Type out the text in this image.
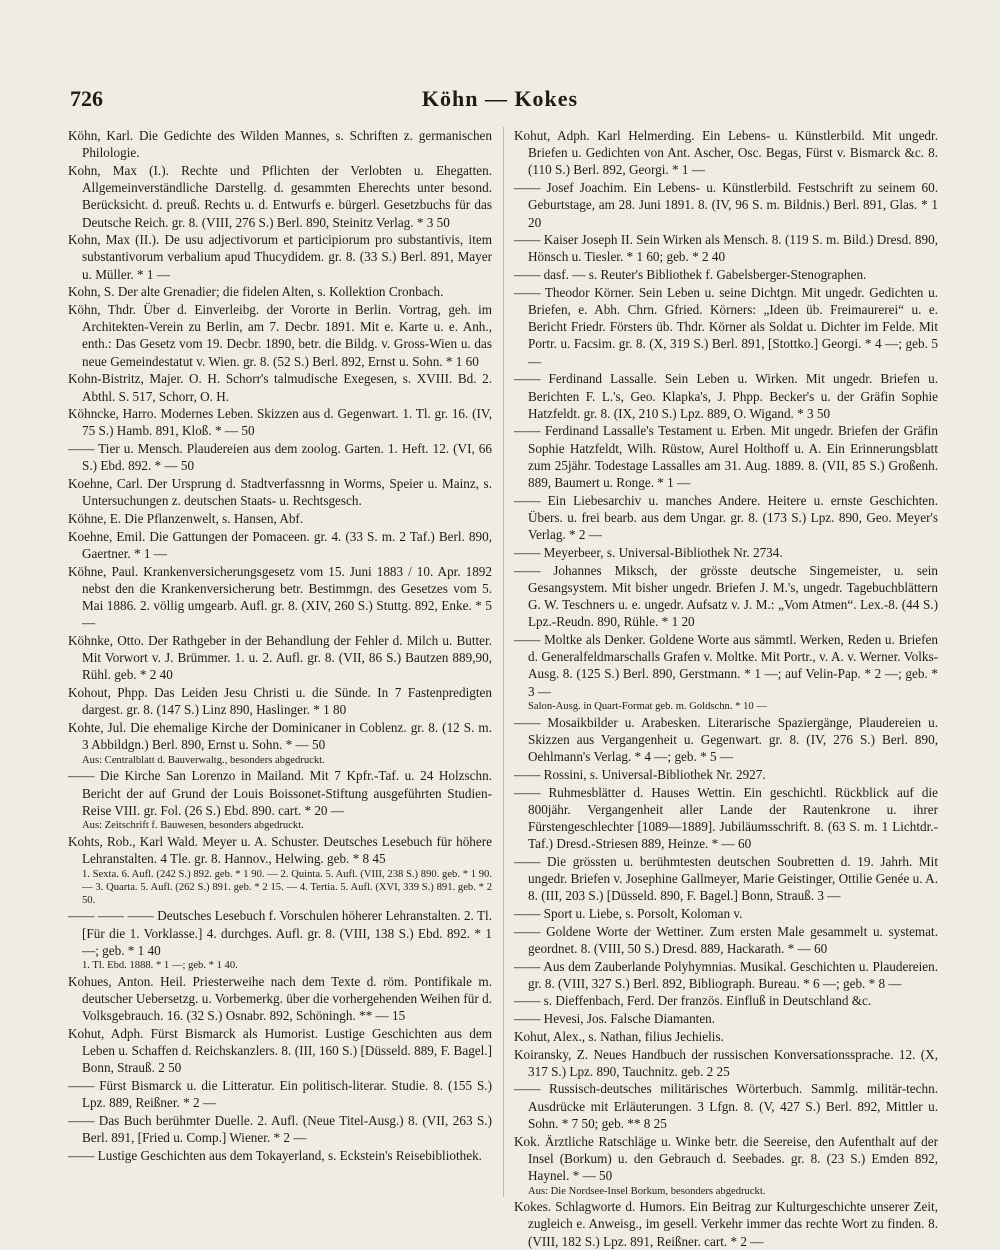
726	Köhn — Kokes
Köhn, Karl. Die Gedichte des Wilden Mannes, s. Schriften z. germanischen Philologie.
Kohn, Max (I.). Rechte und Pflichten der Verlobten u. Ehegatten. Allgemeinverständliche Darstellg. d. gesammten Eherechts unter besond. Berücksicht. d. preuß. Rechts u. d. Entwurfs e. bürgerl. Gesetzbuchs für das Deutsche Reich. gr. 8. (VIII, 276 S.) Berl. 890, Steinitz Verlag. * 3 50
Kohn, Max (II.). De usu adjectivorum et participiorum pro substantivis, item substantivorum verbalium apud Thucydidem. gr. 8. (33 S.) Berl. 891, Mayer u. Müller. * 1 —
Kohn, S. Der alte Grenadier; die fidelen Alten, s. Kollektion Cronbach.
Köhn, Thdr. Über d. Einverleibg. der Vororte in Berlin. Vortrag, geh. im Architekten-Verein zu Berlin, am 7. Decbr. 1891. Mit e. Karte u. e. Anh., enth.: Das Gesetz vom 19. Decbr. 1890, betr. die Bildg. v. Gross-Wien u. das neue Gemeindestatut v. Wien. gr. 8. (52 S.) Berl. 892, Ernst u. Sohn. * 1 60
Kohn-Bistritz, Majer. O. H. Schorr's talmudische Exegesen, s. XVIII. Bd. 2. Abthl. S. 517, Schorr, O. H.
Köhncke, Harro. Modernes Leben. Skizzen aus d. Gegenwart. 1. Tl. gr. 16. (IV, 75 S.) Hamb. 891, Kloß. * — 50
—— Tier u. Mensch. Plaudereien aus dem zoolog. Garten. 1. Heft. 12. (VI, 66 S.) Ebd. 892. * — 50
Koehne, Carl. Der Ursprung d. Stadtverfassnng in Worms, Speier u. Mainz, s. Untersuchungen z. deutschen Staats- u. Rechtsgesch.
Köhne, E. Die Pflanzenwelt, s. Hansen, Abf.
Koehne, Emil. Die Gattungen der Pomaceen. gr. 4. (33 S. m. 2 Taf.) Berl. 890, Gaertner. * 1 —
Köhne, Paul. Krankenversicherungsgesetz vom 15. Juni 1883 / 10. Apr. 1892 nebst den die Krankenversicherung betr. Bestimmgn. des Gesetzes vom 5. Mai 1886. 2. völlig umgearb. Aufl. gr. 8. (XIV, 260 S.) Stuttg. 892, Enke. * 5 —
Köhnke, Otto. Der Rathgeber in der Behandlung der Fehler d. Milch u. Butter. Mit Vorwort v. J. Brümmer. 1. u. 2. Aufl. gr. 8. (VII, 86 S.) Bautzen 889,90, Rühl. geb. * 2 40
Kohout, Phpp. Das Leiden Jesu Christi u. die Sünde. In 7 Fastenpredigten dargest. gr. 8. (147 S.) Linz 890, Haslinger. * 1 80
Kohte, Jul. Die ehemalige Kirche der Dominicaner in Coblenz. gr. 8. (12 S. m. 3 Abbildgn.) Berl. 890, Ernst u. Sohn. * — 50
Aus: Centralblatt d. Bauverwaltg., besonders abgedruckt.
—— Die Kirche San Lorenzo in Mailand. Mit 7 Kpfr.-Taf. u. 24 Holzschn. Bericht der auf Grund der Louis Boissonet-Stiftung ausgeführten Studien-Reise VIII. gr. Fol. (26 S.) Ebd. 890. cart. * 20 —
Aus: Zeitschrift f. Bauwesen, besonders abgedruckt.
Kohts, Rob., Karl Wald. Meyer u. A. Schuster. Deutsches Lesebuch für höhere Lehranstalten. 4 Tle. gr. 8. Hannov., Helwing. geb. * 8 45
1. Sexta. 6. Aufl. (242 S.) 892. geb. * 1 90. — 2. Quinta. 5. Aufl. (VIII, 238 S.) 890. geb. * 1 90. — 3. Quarta. 5. Aufl. (262 S.) 891. geb. * 2 15. — 4. Tertia. 5. Aufl. (XVI, 339 S.) 891. geb. * 2 50.
—— —— —— Deutsches Lesebuch f. Vorschulen höherer Lehranstalten. 2. Tl. [Für die 1. Vorklasse.] 4. durchges. Aufl. gr. 8. (VIII, 138 S.) Ebd. 892. * 1 —; geb. * 1 40
1. Tl. Ebd. 1888. * 1 —; geb. * 1 40.
Kohues, Anton. Heil. Priesterweihe nach dem Texte d. röm. Pontifikale m. deutscher Uebersetzg. u. Vorbemerkg. über die vorhergehenden Weihen für d. Volksgebrauch. 16. (32 S.) Osnabr. 892, Schöningh. ** — 15
Kohut, Adph. Fürst Bismarck als Humorist. Lustige Geschichten aus dem Leben u. Schaffen d. Reichskanzlers. 8. (III, 160 S.) [Düsseld. 889, F. Bagel.] Bonn, Strauß. 2 50
—— Fürst Bismarck u. die Litteratur. Ein politisch-literar. Studie. 8. (155 S.) Lpz. 889, Reißner. * 2 —
—— Das Buch berühmter Duelle. 2. Aufl. (Neue Titel-Ausg.) 8. (VII, 263 S.) Berl. 891, [Fried u. Comp.] Wiener. * 2 —
—— Lustige Geschichten aus dem Tokayerland, s. Eckstein's Reisebibliothek.
Kohut, Adph. Karl Helmerding. Ein Lebens- u. Künstlerbild. Mit ungedr. Briefen u. Gedichten von Ant. Ascher, Osc. Begas, Fürst v. Bismarck &c. 8. (110 S.) Berl. 892, Georgi. * 1 —
—— Josef Joachim. Ein Lebens- u. Künstlerbild. Festschrift zu seinem 60. Geburtstage, am 28. Juni 1891. 8. (IV, 96 S. m. Bildnis.) Berl. 891, Glas. * 1 20
—— Kaiser Joseph II. Sein Wirken als Mensch. 8. (119 S. m. Bild.) Dresd. 890, Hönsch u. Tiesler. * 1 60; geb. * 2 40
—— dasf. — s. Reuter's Bibliothek f. Gabelsberger-Stenographen.
—— Theodor Körner. Sein Leben u. seine Dichtgn. Mit ungedr. Gedichten u. Briefen, e. Abh. Chrn. Gfried. Körners: „Ideen üb. Freimaurerei“ u. e. Bericht Friedr. Försters üb. Thdr. Körner als Soldat u. Dichter im Felde. Mit Portr. u. Facsim. gr. 8. (X, 319 S.) Berl. 891, [Stottko.] Georgi. * 4 —; geb. 5 —
—— Ferdinand Lassalle. Sein Leben u. Wirken. Mit ungedr. Briefen u. Berichten F. L.'s, Geo. Klapka's, J. Phpp. Becker's u. der Gräfin Sophie Hatzfeldt. gr. 8. (IX, 210 S.) Lpz. 889, O. Wigand. * 3 50
—— Ferdinand Lassalle's Testament u. Erben. Mit ungedr. Briefen der Gräfin Sophie Hatzfeldt, Wilh. Rüstow, Aurel Holthoff u. A. Ein Erinnerungsblatt zum 25jähr. Todestage Lassalles am 31. Aug. 1889. 8. (VII, 85 S.) Großenh. 889, Baumert u. Ronge. * 1 —
—— Ein Liebesarchiv u. manches Andere. Heitere u. ernste Geschichten. Übers. u. frei bearb. aus dem Ungar. gr. 8. (173 S.) Lpz. 890, Geo. Meyer's Verlag. * 2 —
—— Meyerbeer, s. Universal-Bibliothek Nr. 2734.
—— Johannes Miksch, der grösste deutsche Singemeister, u. sein Gesangsystem. Mit bisher ungedr. Briefen J. M.'s, ungedr. Tagebuchblättern G. W. Teschners u. e. ungedr. Aufsatz v. J. M.: „Vom Atmen“. Lex.-8. (44 S.) Lpz.-Reudn. 890, Rühle. * 1 20
—— Moltke als Denker. Goldene Worte aus sämmtl. Werken, Reden u. Briefen d. Generalfeldmarschalls Grafen v. Moltke. Mit Portr., v. A. v. Werner. Volks-Ausg. 8. (125 S.) Berl. 890, Gerstmann. * 1 —; auf Velin-Pap. * 2 —; geb. * 3 —
Salon-Ausg. in Quart-Format geb. m. Goldschn. * 10 —
—— Mosaikbilder u. Arabesken. Literarische Spaziergänge, Plaudereien u. Skizzen aus Vergangenheit u. Gegenwart. gr. 8. (IV, 276 S.) Berl. 890, Oehlmann's Verlag. * 4 —; geb. * 5 —
—— Rossini, s. Universal-Bibliothek Nr. 2927.
—— Ruhmesblätter d. Hauses Wettin. Ein geschichtl. Rückblick auf die 800jähr. Vergangenheit aller Lande der Rautenkrone u. ihrer Fürstengeschlechter [1089—1889]. Jubiläumsschrift. 8. (63 S. m. 1 Lichtdr.-Taf.) Dresd.-Striesen 889, Heinze. * — 60
—— Die grössten u. berühmtesten deutschen Soubretten d. 19. Jahrh. Mit ungedr. Briefen v. Josephine Gallmeyer, Marie Geistinger, Ottilie Genée u. A. 8. (III, 203 S.) [Düsseld. 890, F. Bagel.] Bonn, Strauß. 3 —
—— Sport u. Liebe, s. Porsolt, Koloman v.
—— Goldene Worte der Wettiner. Zum ersten Male gesammelt u. systemat. geordnet. 8. (VIII, 50 S.) Dresd. 889, Hackarath. * — 60
—— Aus dem Zauberlande Polyhymnias. Musikal. Geschichten u. Plaudereien. gr. 8. (VIII, 327 S.) Berl. 892, Bibliograph. Bureau. * 6 —; geb. * 8 —
—— s. Dieffenbach, Ferd. Der französ. Einfluß in Deutschland &c.
—— Hevesi, Jos. Falsche Diamanten.
Kohut, Alex., s. Nathan, filius Jechielis.
Koiransky, Z. Neues Handbuch der russischen Konversationssprache. 12. (X, 317 S.) Lpz. 890, Tauchnitz. geb. 2 25
—— Russisch-deutsches militärisches Wörterbuch. Sammlg. militär-techn. Ausdrücke mit Erläuterungen. 3 Lfgn. 8. (V, 427 S.) Berl. 892, Mittler u. Sohn. * 7 50; geb. ** 8 25
Kok. Ärztliche Ratschläge u. Winke betr. die Seereise, den Aufenthalt auf der Insel (Borkum) u. den Gebrauch d. Seebades. gr. 8. (23 S.) Emden 892, Haynel. * — 50
Aus: Die Nordsee-Insel Borkum, besonders abgedruckt.
Kokes. Schlagworte d. Humors. Ein Beitrag zur Kulturgeschichte unserer Zeit, zugleich e. Anweisg., im gesell. Verkehr immer das rechte Wort zu finden. 8. (VIII, 182 S.) Lpz. 891, Reißner. cart. * 2 —
